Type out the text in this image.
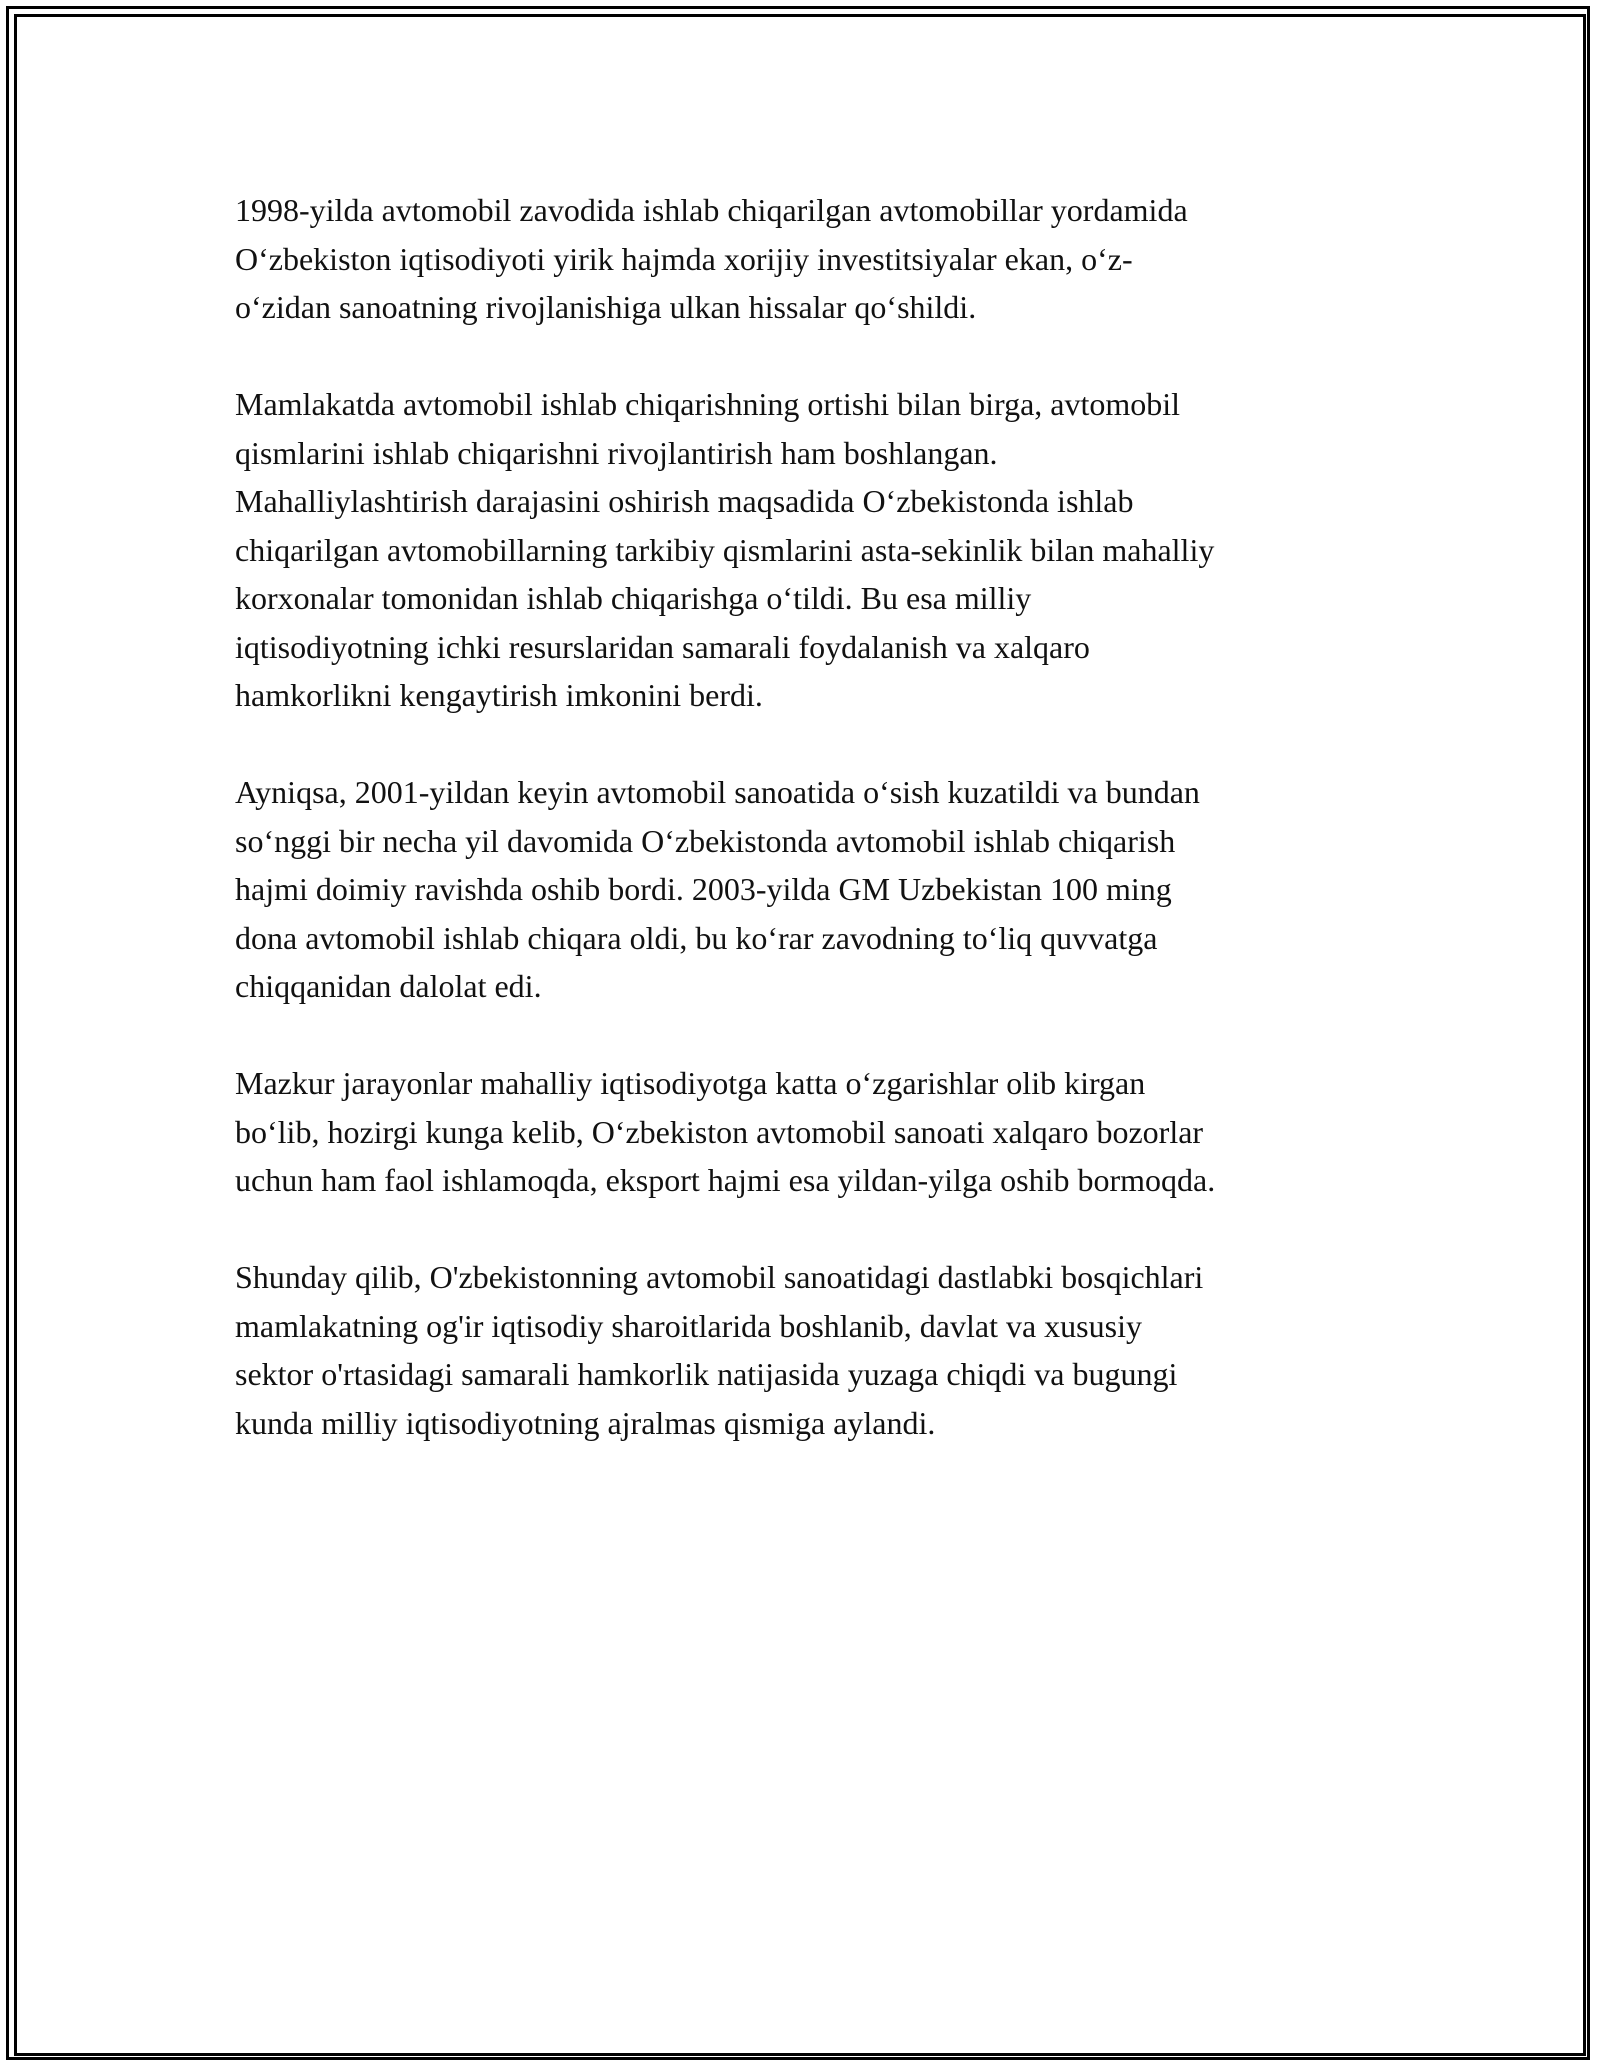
1998-yilda avtomobil zavodida ishlab chiqarilgan avtomobillar yordamida
O‘zbekiston iqtisodiyoti yirik hajmda xorijiy investitsiyalar ekan, o‘z-
o‘zidan sanoatning rivojlanishiga ulkan hissalar qo‘shildi.

Mamlakatda avtomobil ishlab chiqarishning ortishi bilan birga, avtomobil
qismlarini ishlab chiqarishni rivojlantirish ham boshlangan.
Mahalliylashtirish darajasini oshirish maqsadida O‘zbekistonda ishlab
chiqarilgan avtomobillarning tarkibiy qismlarini asta-sekinlik bilan mahalliy
korxonalar tomonidan ishlab chiqarishga o‘tildi. Bu esa milliy
iqtisodiyotning ichki resurslaridan samarali foydalanish va xalqaro
hamkorlikni kengaytirish imkonini berdi.

Ayniqsa, 2001-yildan keyin avtomobil sanoatida o‘sish kuzatildi va bundan
so‘nggi bir necha yil davomida O‘zbekistonda avtomobil ishlab chiqarish
hajmi doimiy ravishda oshib bordi. 2003-yilda GM Uzbekistan 100 ming
dona avtomobil ishlab chiqara oldi, bu ko‘rar zavodning to‘liq quvvatga
chiqqanidan dalolat edi.

Mazkur jarayonlar mahalliy iqtisodiyotga katta o‘zgarishlar olib kirgan
bo‘lib, hozirgi kunga kelib, O‘zbekiston avtomobil sanoati xalqaro bozorlar
uchun ham faol ishlamoqda, eksport hajmi esa yildan-yilga oshib bormoqda.

Shunday qilib, O'zbekistonning avtomobil sanoatidagi dastlabki bosqichlari
mamlakatning og'ir iqtisodiy sharoitlarida boshlanib, davlat va xususiy
sektor o'rtasidagi samarali hamkorlik natijasida yuzaga chiqdi va bugungi
kunda milliy iqtisodiyotning ajralmas qismiga aylandi.
